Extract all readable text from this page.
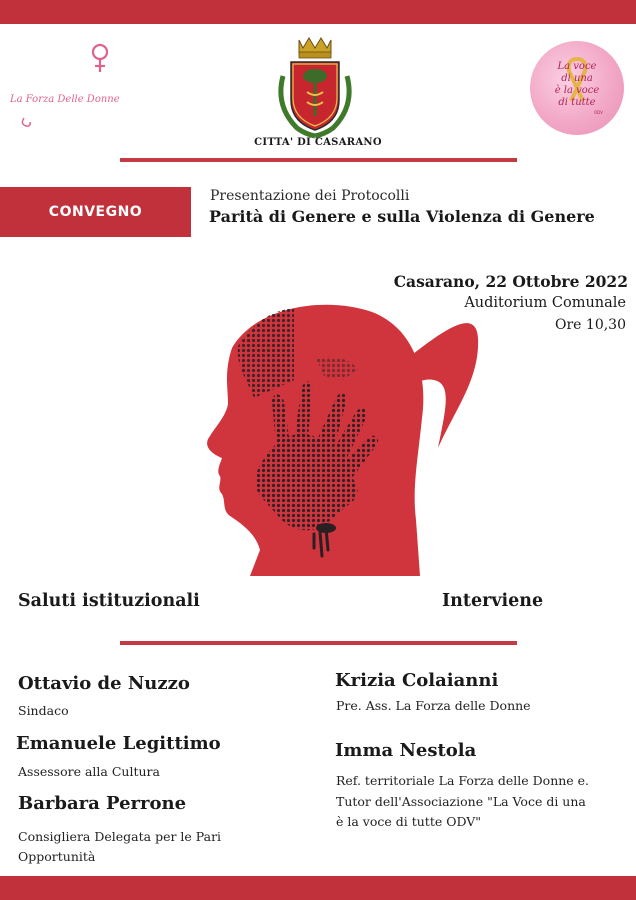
La Forza Delle Donne
CITTA' DI CASARANO
La voce
di una
è la voce
di tutte
ODV
CONVEGNO
Presentazione dei Protocolli
Parità di Genere e sulla Violenza di Genere
Casarano, 22 Ottobre 2022
Auditorium Comunale
Ore 10,30
Saluti istituzionali	Interviene
Ottavio de Nuzzo
Sindaco
Emanuele Legittimo
Assessore alla Cultura
Barbara Perrone
Consigliera Delegata per le Pari
Opportunità
Krizia Colaianni
Pre. Ass. La Forza delle Donne
Imma Nestola
Ref. territoriale La Forza delle Donne e.
Tutor dell'Associazione "La Voce di una
è la voce di tutte ODV"
